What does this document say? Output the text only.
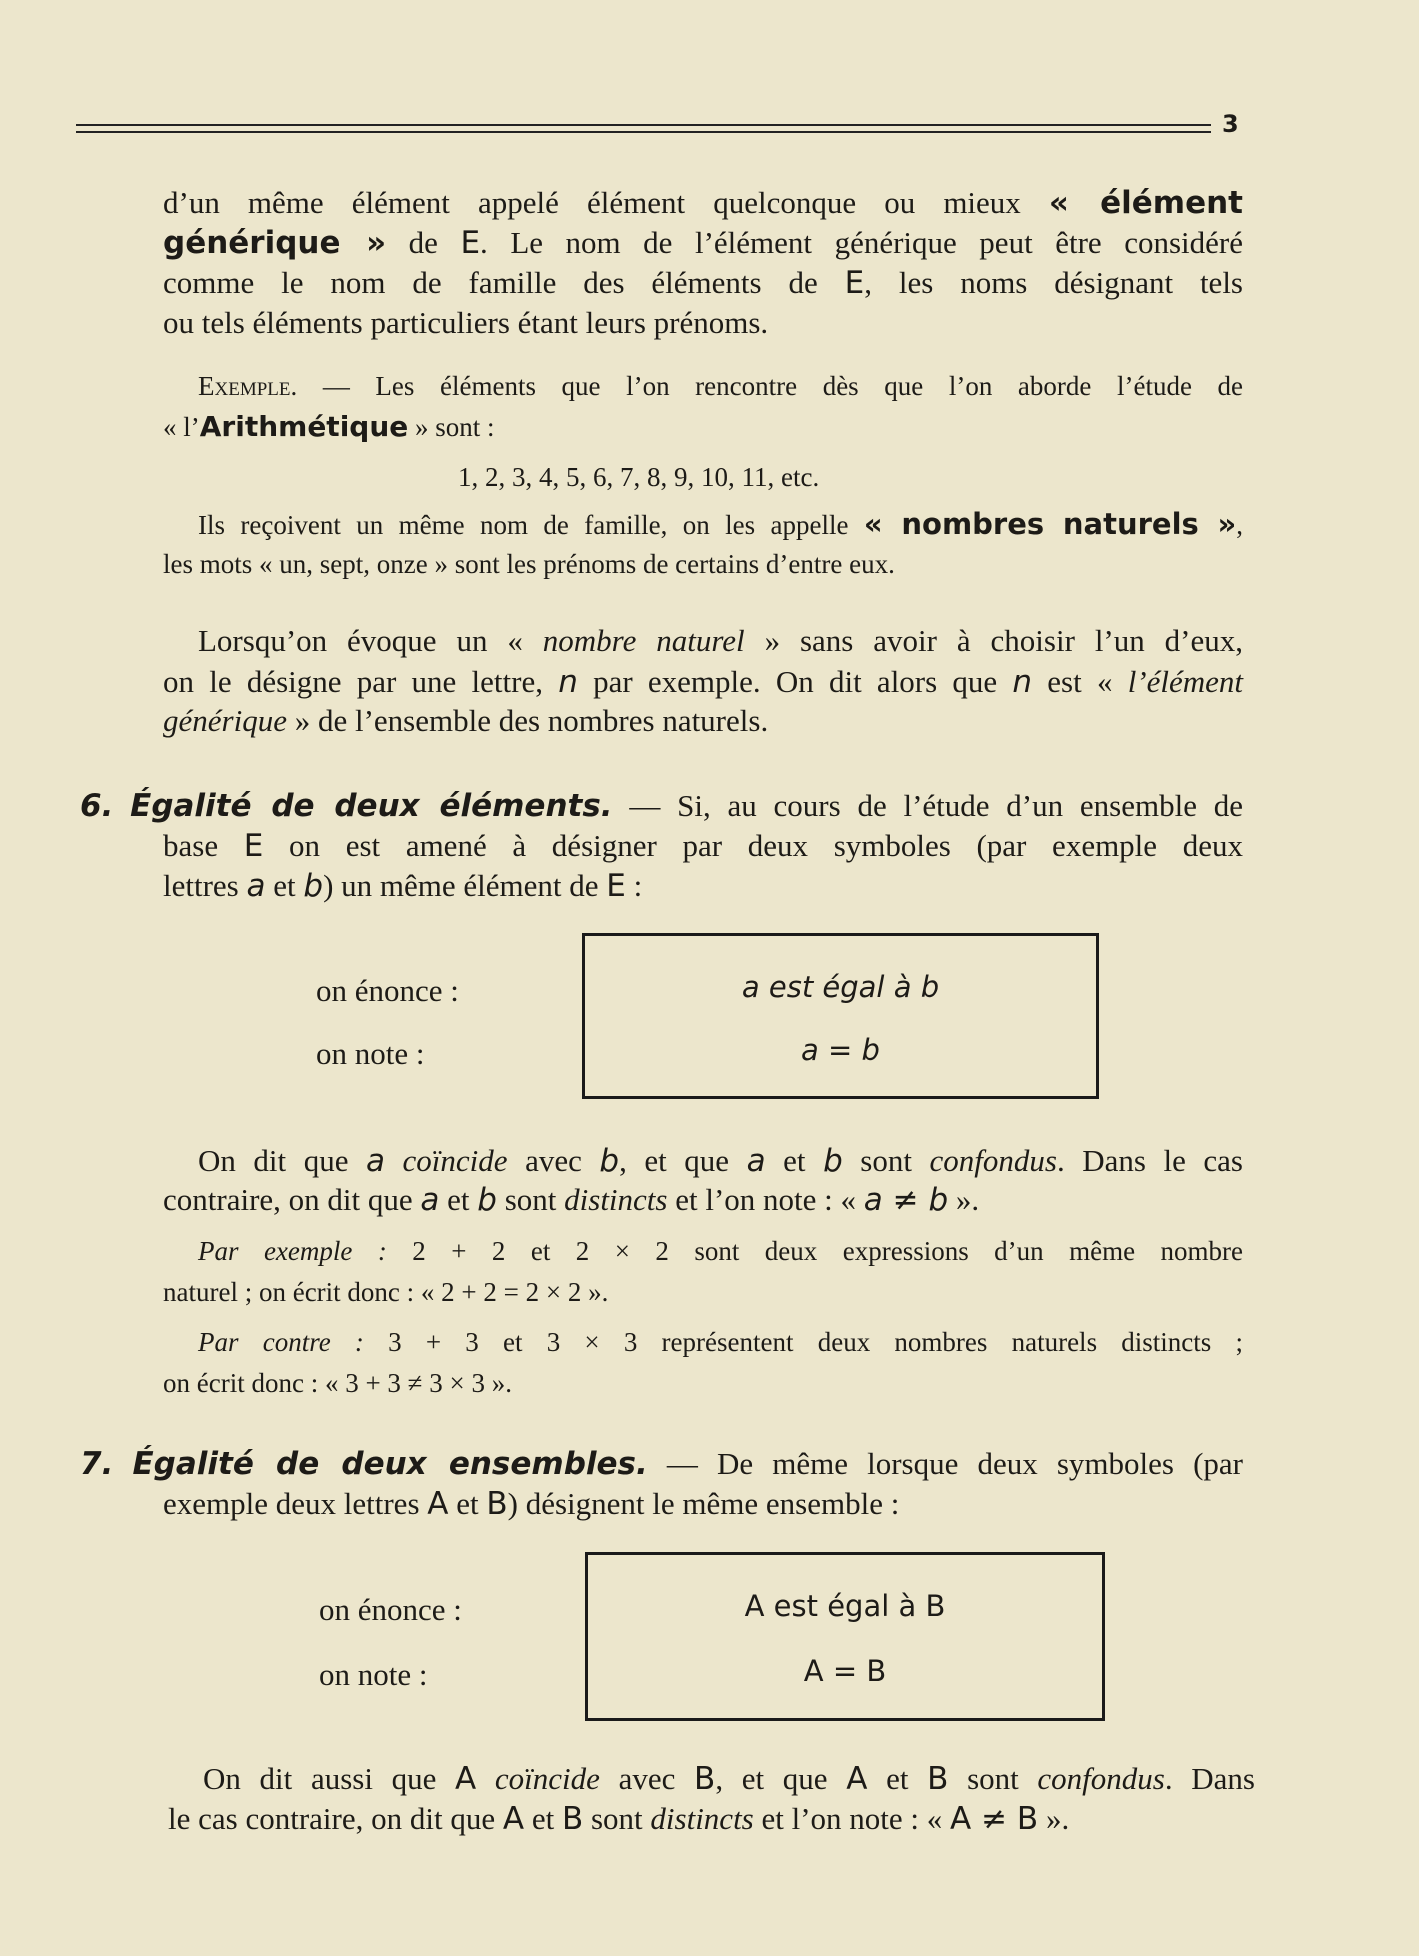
3
d’un même élément appelé élément quelconque ou mieux « élément
générique » de E. Le nom de l’élément générique peut être considéré
comme le nom de famille des éléments de E, les noms désignant tels
ou tels éléments particuliers étant leurs prénoms.
Exemple. — Les éléments que l’on rencontre dès que l’on aborde l’étude de
« l’Arithmétique » sont :
1, 2, 3, 4, 5, 6, 7, 8, 9, 10, 11, etc.
Ils reçoivent un même nom de famille, on les appelle « nombres naturels »,
les mots « un, sept, onze » sont les prénoms de certains d’entre eux.
Lorsqu’on évoque un « nombre naturel » sans avoir à choisir l’un d’eux,
on le désigne par une lettre, n par exemple. On dit alors que n est « l’élément
générique » de l’ensemble des nombres naturels.
6. Égalité de deux éléments. — Si, au cours de l’étude d’un ensemble de
base E on est amené à désigner par deux symboles (par exemple deux
lettres a et b) un même élément de E :
on énonce :
on note :
a est égal à b
a = b
On dit que a coïncide avec b, et que a et b sont confondus. Dans le cas
contraire, on dit que a et b sont distincts et l’on note : « a ≠ b ».
Par exemple : 2 + 2 et 2 × 2 sont deux expressions d’un même nombre
naturel ; on écrit donc : « 2 + 2 = 2 × 2 ».
Par contre : 3 + 3 et 3 × 3 représentent deux nombres naturels distincts ;
on écrit donc : « 3 + 3 ≠ 3 × 3 ».
7. Égalité de deux ensembles. — De même lorsque deux symboles (par
exemple deux lettres A et B) désignent le même ensemble :
on énonce :
on note :
A est égal à B
A = B
On dit aussi que A coïncide avec B, et que A et B sont confondus. Dans
le cas contraire, on dit que A et B sont distincts et l’on note : « A ≠ B ».
